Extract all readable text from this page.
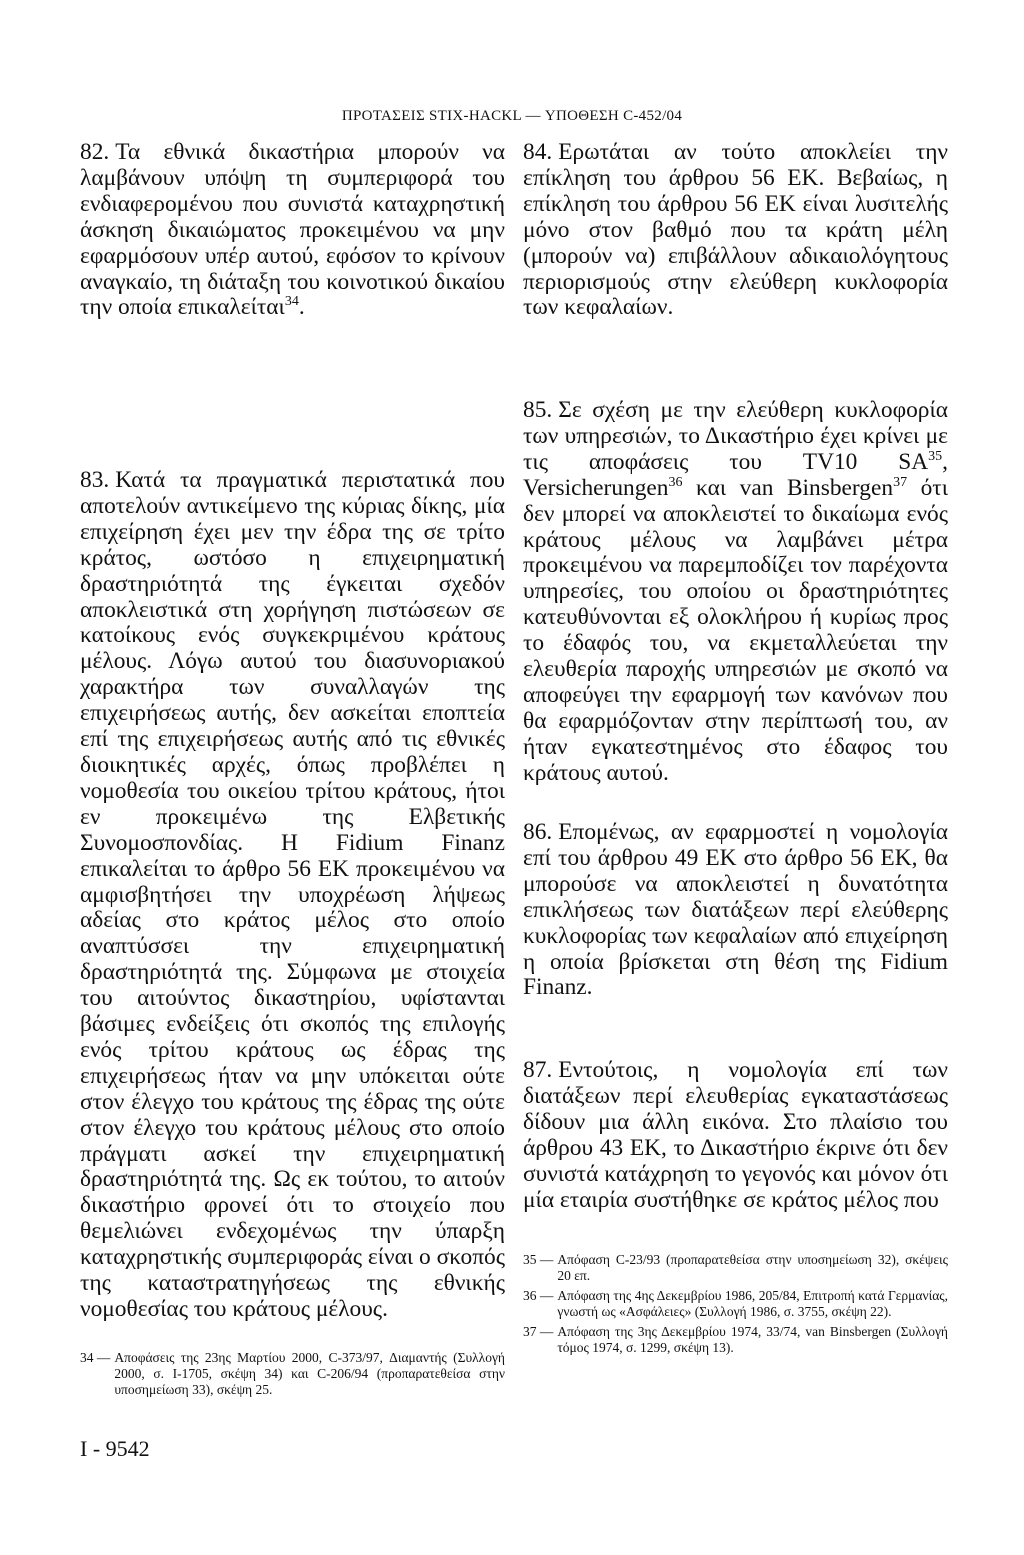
ΠΡΟΤΑΣΕΙΣ STIX-HACKL — ΥΠΟΘΕΣΗ C-452/04

82. Τα εθνικά δικαστήρια μπορούν να λαμβάνουν υπόψη τη συμπεριφορά του ενδιαφερομένου που συνιστά καταχρηστική άσκηση δικαιώματος προκειμένου να μην εφαρμόσουν υπέρ αυτού, εφόσον το κρίνουν αναγκαίο, τη διάταξη του κοινοτικού δικαίου την οποία επικαλείται$^{34}$.

83. Κατά τα πραγματικά περιστατικά που αποτελούν αντικείμενο της κύριας δίκης, μία επιχείρηση έχει μεν την έδρα της σε τρίτο κράτος, ωστόσο η επιχειρηματική δραστηριότητά της έγκειται σχεδόν αποκλειστικά στη χορήγηση πιστώσεων σε κατοίκους ενός συγκεκριμένου κράτους μέλους. Λόγω αυτού του διασυνοριακού χαρακτήρα των συναλλαγών της επιχειρήσεως αυτής, δεν ασκείται εποπτεία επί της επιχειρήσεως αυτής από τις εθνικές διοικητικές αρχές, όπως προβλέπει η νομοθεσία του οικείου τρίτου κράτους, ήτοι εν προκειμένω της Ελβετικής Συνομοσπονδίας. Η Fidium Finanz επικαλείται το άρθρο 56 ΕΚ προκειμένου να αμφισβητήσει την υποχρέωση λήψεως αδείας στο κράτος μέλος στο οποίο αναπτύσσει την επιχειρηματική δραστηριότητά της. Σύμφωνα με στοιχεία του αιτούντος δικαστηρίου, υφίστανται βάσιμες ενδείξεις ότι σκοπός της επιλογής ενός τρίτου κράτους ως έδρας της επιχειρήσεως ήταν να μην υπόκειται ούτε στον έλεγχο του κράτους της έδρας της ούτε στον έλεγχο του κράτους μέλους στο οποίο πράγματι ασκεί την επιχειρηματική δραστηριότητά της. Ως εκ τούτου, το αιτούν δικαστήριο φρονεί ότι το στοιχείο που θεμελιώνει ενδεχομένως την ύπαρξη καταχρηστικής συμπεριφοράς είναι ο σκοπός της καταστρατηγήσεως της εθνικής νομοθεσίας του κράτους μέλους.

34 — Αποφάσεις της 23ης Μαρτίου 2000, C-373/97, Διαμαντής (Συλλογή 2000, σ. I-1705, σκέψη 34) και C-206/94 (προπαρατεθείσα στην υποσημείωση 33), σκέψη 25.

84. Ερωτάται αν τούτο αποκλείει την επίκληση του άρθρου 56 ΕΚ. Βεβαίως, η επίκληση του άρθρου 56 ΕΚ είναι λυσιτελής μόνο στον βαθμό που τα κράτη μέλη (μπορούν να) επιβάλλουν αδικαιολόγητους περιορισμούς στην ελεύθερη κυκλοφορία των κεφαλαίων.

85. Σε σχέση με την ελεύθερη κυκλοφορία των υπηρεσιών, το Δικαστήριο έχει κρίνει με τις αποφάσεις του TV10 SA$^{35}$, Versicherungen$^{36}$ και van Binsbergen$^{37}$ ότι δεν μπορεί να αποκλειστεί το δικαίωμα ενός κράτους μέλους να λαμβάνει μέτρα προκειμένου να παρεμποδίζει τον παρέχοντα υπηρεσίες, του οποίου οι δραστηριότητες κατευθύνονται εξ ολοκλήρου ή κυρίως προς το έδαφός του, να εκμεταλλεύεται την ελευθερία παροχής υπηρεσιών με σκοπό να αποφεύγει την εφαρμογή των κανόνων που θα εφαρμόζονταν στην περίπτωσή του, αν ήταν εγκατεστημένος στο έδαφος του κράτους αυτού.

86. Επομένως, αν εφαρμοστεί η νομολογία επί του άρθρου 49 ΕΚ στο άρθρο 56 ΕΚ, θα μπορούσε να αποκλειστεί η δυνατότητα επικλήσεως των διατάξεων περί ελεύθερης κυκλοφορίας των κεφαλαίων από επιχείρηση η οποία βρίσκεται στη θέση της Fidium Finanz.

87. Εντούτοις, η νομολογία επί των διατάξεων περί ελευθερίας εγκαταστάσεως δίδουν μια άλλη εικόνα. Στο πλαίσιο του άρθρου 43 ΕΚ, το Δικαστήριο έκρινε ότι δεν συνιστά κατάχρηση το γεγονός και μόνον ότι μία εταιρία συστήθηκε σε κράτος μέλος που

35 — Απόφαση C-23/93 (προπαρατεθείσα στην υποσημείωση 32), σκέψεις 20 επ.
36 — Απόφαση της 4ης Δεκεμβρίου 1986, 205/84, Επιτροπή κατά Γερμανίας, γνωστή ως «Ασφάλειες» (Συλλογή 1986, σ. 3755, σκέψη 22).
37 — Απόφαση της 3ης Δεκεμβρίου 1974, 33/74, van Binsbergen (Συλλογή τόμος 1974, σ. 1299, σκέψη 13).
I - 9542
